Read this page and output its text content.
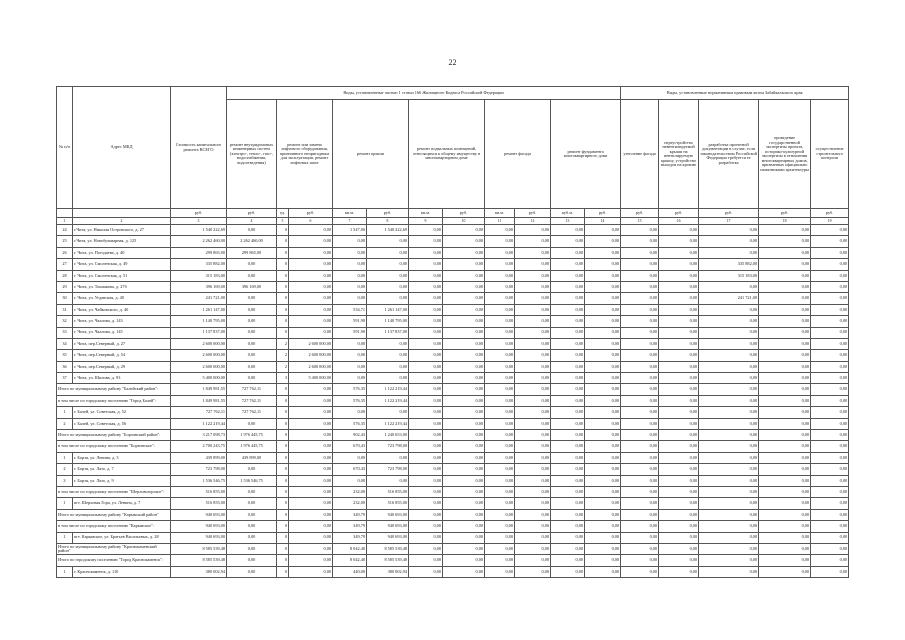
22
№ п/п	Адрес МКД	Стоимость капитального ремонта ВСЕГО	Виды, установленные частью 1 статьи 166 Жилищного Кодекса Российской Федерации											Виды, установленные нормативным правовым актом Забайкальского края				
			ремонт внутридомовых инженерных систем (электро-, тепло-, газо-, водоснабжения, водоотведения)	ремонт или замена лифтового оборудования, признанного непригодным для эксплуатации, ремонт лифтовых шахт		ремонт крыши		ремонт подвальных помещений, относящихся к общему имуществу в многоквартирном доме		ремонт фасада		ремонт фундамента многоквартирного дома		утепление фасада	переустройство невентилируемой крыши на вентилируемую крышу, устройство выходов на кровлю	разработка проектной документации в случае, если законодательством Российской Федерации требуется ее разработка	проведение государственной экспертизы проекта, историко-культурной экспертизы в отношении многоквартирных домов, признанных официально памятниками архитектуры	осуществление строительного контроля
		руб.	руб.	ед.	руб.	кв.м.	руб.	кв.м.	руб.	кв.м.	руб.	куб.м.	руб.	руб.	руб.	руб.	руб.	руб.
1	2	3	4	5	6	7	8	9	10	11	12	13	14	15	16	17	18	19
24	г.Чита, ул. Николая Островского, д. 27	1 540 222,69	0,00	0	0,00	1 547,00	1 540 222,69	0,00	0,00	0,00	0,00	0,00	0,00	0,00	0,00	0,00	0,00	0,00
25	г.Чита, ул. Новобульварная, д. 125	2 262 460,00	2 262 460,00	0	0,00	0,00	0,00	0,00	0,00	0,00	0,00	0,00	0,00	0,00	0,00	0,00	0,00	0,00
26	г. Чита, ул. Погодаева, д. 40	299 865,00	299 865,00	0	0,00	0,00	0,00	0,00	0,00	0,00	0,00	0,00	0,00	0,00	0,00	0,00	0,00	0,00
27	г. Чита, ул. Смоленская, д. 49	335 882,00	0,00	0	0,00	0,00	0,00	0,00	0,00	0,00	0,00	0,00	0,00	0,00	0,00	335 882,00	0,00	0,00
28	г. Чита, ул. Смоленская, д. 51	315 183,00	0,00	0	0,00	0,00	0,00	0,00	0,00	0,00	0,00	0,00	0,00	0,00	0,00	315 183,00	0,00	0,00
29	г. Чита, ул. Токмакова, д. 27б	396 169,00	396 169,00	0	0,00	0,00	0,00	0,00	0,00	0,00	0,00	0,00	0,00	0,00	0,00	0,00	0,00	0,00
30	г. Чита, ул. Угданская, д. 40	241 721,00	0,00	0	0,00	0,00	0,00	0,00	0,00	0,00	0,00	0,00	0,00	0,00	0,00	241 721,00	0,00	0,00
31	г. Чита, ул. Чайковского, д. 40	1 261 147,00	0,00	0	0,00	534,71	1 261 147,00	0,00	0,00	0,00	0,00	0,00	0,00	0,00	0,00	0,00	0,00	0,00
32	г. Чита, ул. Чкалова, д. 143	1 140 795,00	0,00	0	0,00	591,90	1 140 795,00	0,00	0,00	0,00	0,00	0,00	0,00	0,00	0,00	0,00	0,00	0,00
33	г. Чита, ул. Чкалова, д. 145	1 137 837,00	0,00	0	0,00	591,90	1 137 837,00	0,00	0,00	0,00	0,00	0,00	0,00	0,00	0,00	0,00	0,00	0,00
34	г. Чита, пер.Северный, д. 27	2 600 000,00	0,00	2	2 600 000,00	0,00	0,00	0,00	0,00	0,00	0,00	0,00	0,00	0,00	0,00	0,00	0,00	0,00
35	г. Чита, пер.Северный, д. 54	2 600 000,00	0,00	2	2 600 000,00	0,00	0,00	0,00	0,00	0,00	0,00	0,00	0,00	0,00	0,00	0,00	0,00	0,00
36	г. Чита, пер.Северный, д. 29	2 600 000,00	0,00	2	2 600 000,00	0,00	0,00	0,00	0,00	0,00	0,00	0,00	0,00	0,00	0,00	0,00	0,00	0,00
37	г. Чита, ул. Шилова, д. 93	5 400 000,00	0,00	3	5 400 000,00	0,00	0,00	0,00	0,00	0,00	0,00	0,00	0,00	0,00	0,00	0,00	0,00	0,00
Итого по муниципальному району "Балейский район":		1 849 981,55	727 762,11	0	0,00	576,35	1 122 219,44	0,00	0,00	0,00	0,00	0,00	0,00	0,00	0,00	0,00	0,00	0,00
в том числе по городскому поселению "Город Балей":		1 849 981,55	727 762,11	0	0,00	576,35	1 122 219,44	0,00	0,00	0,00	0,00	0,00	0,00	0,00	0,00	0,00	0,00	0,00
1	г. Балей, ул. Советская, д. 52	727 762,11	727 762,11	0	0,00	0,00	0,00	0,00	0,00	0,00	0,00	0,00	0,00	0,00	0,00	0,00	0,00	0,00
2	г. Балей, ул. Советская, д. 56	1 122 219,44	0,00	0	0,00	576,35	1 122 219,44	0,00	0,00	0,00	0,00	0,00	0,00	0,00	0,00	0,00	0,00	0,00
Итого по муниципальному району "Борзинский район":		3 217 098,73	1 976 445,75	0	0,00	902,43	1 240 653,00	0,00	0,00	0,00	0,00	0,00	0,00	0,00	0,00	0,00	0,00	0,00
в том числе по городскому поселению "Борзинское":		2 700 243,75	1 976 445,75	0	0,00	670,43	723 798,00	0,00	0,00	0,00	0,00	0,00	0,00	0,00	0,00	0,00	0,00	0,00
1	г. Борзя, ул. Ленина, д. 3	439 899,00	439 899,00	0	0,00	0,00	0,00	0,00	0,00	0,00	0,00	0,00	0,00	0,00	0,00	0,00	0,00	0,00
2	г. Борзя, ул. Лазо, д. 7	723 798,00	0,00	0	0,00	670,43	723 798,00	0,00	0,00	0,00	0,00	0,00	0,00	0,00	0,00	0,00	0,00	0,00
3	г. Борзя, ул. Лазо, д. 9	1 536 546,75	1 536 546,75	0	0,00	0,00	0,00	0,00	0,00	0,00	0,00	0,00	0,00	0,00	0,00	0,00	0,00	0,00
в том числе по городскому поселению "Шерловогорское":		516 855,00	0,00	0	0,00	232,00	516 855,00	0,00	0,00	0,00	0,00	0,00	0,00	0,00	0,00	0,00	0,00	0,00
1	пгт. Шерловая Гора, ул. Ленина, д. 7	516 855,00	0,00	0	0,00	232,00	516 855,00	0,00	0,00	0,00	0,00	0,00	0,00	0,00	0,00	0,00	0,00	0,00
Итого по муниципальному району "Карымский район"		940 693,00	0,00	0	0,00	349,79	940 693,00	0,00	0,00	0,00	0,00	0,00	0,00	0,00	0,00	0,00	0,00	0,00
в том числе по городскому поселению "Карымское":		940 693,00	0,00	0	0,00	349,79	940 693,00	0,00	0,00	0,00	0,00	0,00	0,00	0,00	0,00	0,00	0,00	0,00
1	пгт. Карымское, ул. Братьев Васильевых, д. 28	940 693,00	0,00	0	0,00	349,79	940 693,00	0,00	0,00	0,00	0,00	0,00	0,00	0,00	0,00	0,00	0,00	0,00
Итого по муниципальному району "Краснокаменский район"		8 585 539,48	0,00	0	0,00	8 042,40	8 585 539,48	0,00	0,00	0,00	0,00	0,00	0,00	0,00	0,00	0,00	0,00	0,00
Итого по городскому поселению "Город Краснокаменск":		8 585 539,48	0,00	0	0,00	8 042,40	8 585 539,48	0,00	0,00	0,00	0,00	0,00	0,00	0,00	0,00	0,00	0,00	0,00
1	г. Краснокаменск, д. 110	380 002,94	0,00	0	0,00	440,00	380 002,94	0,00	0,00	0,00	0,00	0,00	0,00	0,00	0,00	0,00	0,00	0,00
